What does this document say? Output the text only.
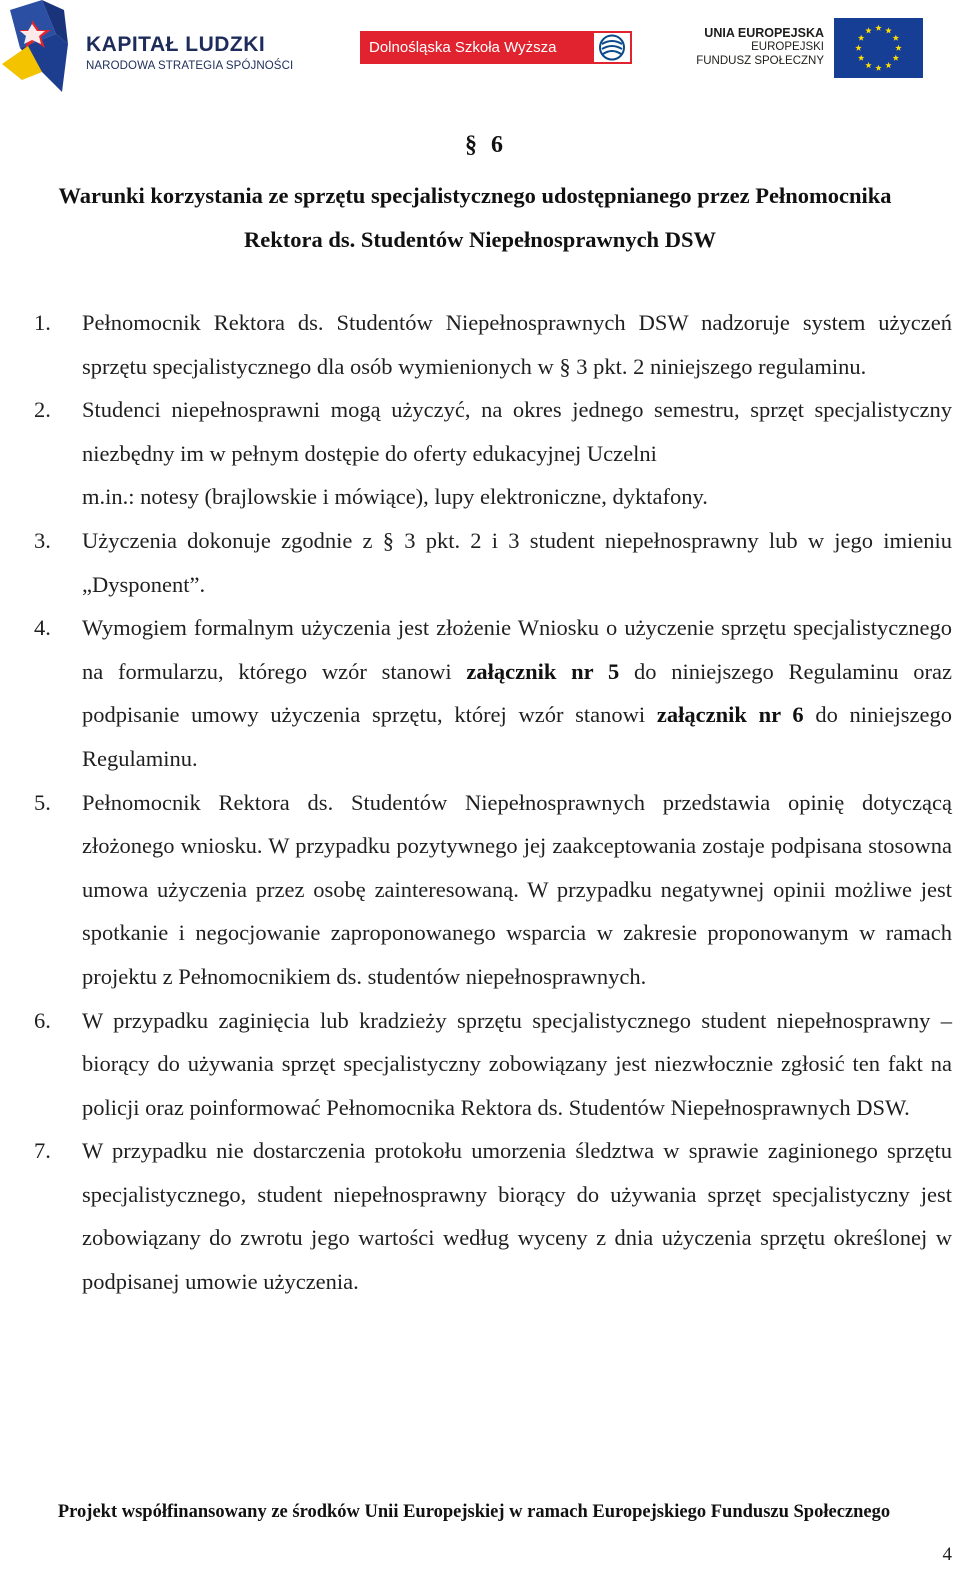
KAPITAŁ LUDZKI
NARODOWA STRATEGIA SPÓJNOŚCI
Dolnośląska Szkoła Wyższa
UNIA EUROPEJSKA
EUROPEJSKI
FUNDUSZ SPOŁECZNY
§ 6
Warunki korzystania ze sprzętu specjalistycznego udostępnianego przez Pełnomocnika
Rektora ds. Studentów Niepełnosprawnych DSW
1. Pełnomocnik Rektora ds. Studentów Niepełnosprawnych DSW nadzoruje system użyczeń sprzętu specjalistycznego dla osób wymienionych w § 3 pkt. 2 niniejszego regulaminu.
2. Studenci niepełnosprawni mogą użyczyć, na okres jednego semestru, sprzęt specjalistyczny niezbędny im w pełnym dostępie do oferty edukacyjnej Uczelni
m.in.: notesy (brajlowskie i mówiące), lupy elektroniczne, dyktafony.
3. Użyczenia dokonuje zgodnie z § 3 pkt. 2 i 3 student niepełnosprawny lub w jego imieniu „Dysponent”.
4. Wymogiem formalnym użyczenia jest złożenie Wniosku o użyczenie sprzętu specjalistycznego na formularzu, którego wzór stanowi załącznik nr 5 do niniejszego Regulaminu oraz podpisanie umowy użyczenia sprzętu, której wzór stanowi załącznik nr 6 do niniejszego Regulaminu.
5. Pełnomocnik Rektora ds. Studentów Niepełnosprawnych przedstawia opinię dotyczącą złożonego wniosku. W przypadku pozytywnego jej zaakceptowania zostaje podpisana stosowna umowa użyczenia przez osobę zainteresowaną. W przypadku negatywnej opinii możliwe jest spotkanie i negocjowanie zaproponowanego wsparcia w zakresie proponowanym w ramach projektu z Pełnomocnikiem ds. studentów niepełnosprawnych.
6. W przypadku zaginięcia lub kradzieży sprzętu specjalistycznego student niepełnosprawny – biorący do używania sprzęt specjalistyczny zobowiązany jest niezwłocznie zgłosić ten fakt na policji oraz poinformować Pełnomocnika Rektora ds. Studentów Niepełnosprawnych DSW.
7. W przypadku nie dostarczenia protokołu umorzenia śledztwa w sprawie zaginionego sprzętu specjalistycznego, student niepełnosprawny biorący do używania sprzęt specjalistyczny jest zobowiązany do zwrotu jego wartości według wyceny z dnia użyczenia sprzętu określonej w podpisanej umowie użyczenia.
Projekt współfinansowany ze środków Unii Europejskiej w ramach Europejskiego Funduszu Społecznego
4
